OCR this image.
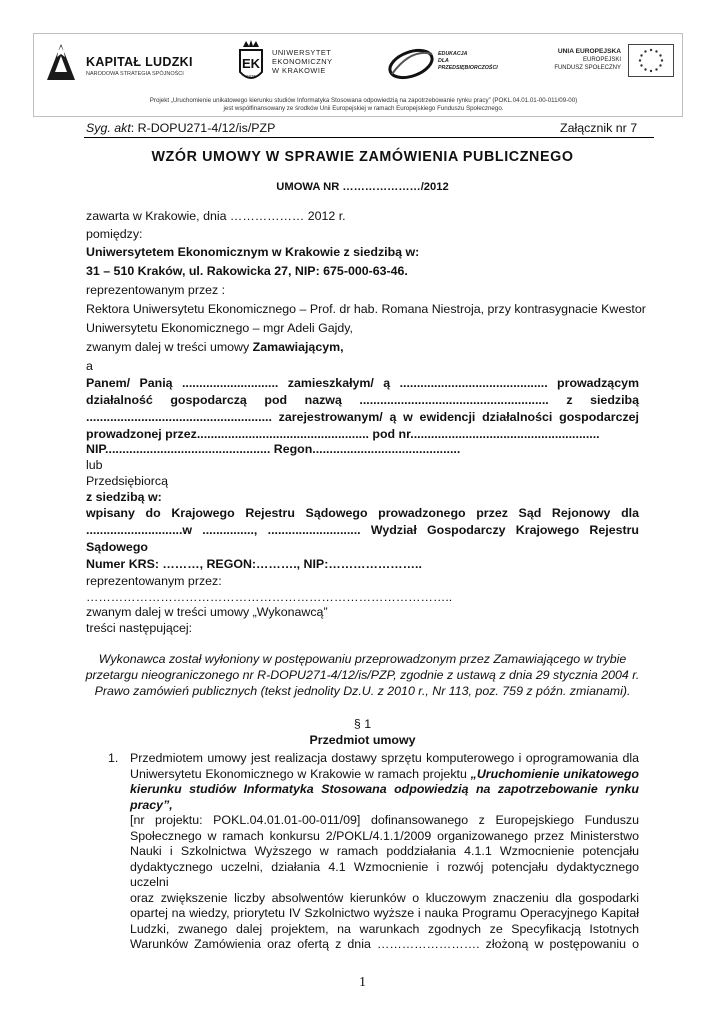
KAPITAŁ LUDZKI
NARODOWA STRATEGIA SPÓJNOŚCI
EK
1925
UNIWERSYTET
EKONOMICZNY
W KRAKOWIE
EDUKACJA
DLA
PRZEDSIĘBIORCZOŚCI
UNIA EUROPEJSKA
EUROPEJSKI
FUNDUSZ SPOŁECZNY
Projekt „Uruchomienie unikatowego kierunku studiów Informatyka Stosowana odpowiedzią na zapotrzebowanie rynku pracy” (POKL.04.01.01-00-011/09-00)
jest współfinansowany ze środków Unii Europejskiej w ramach Europejskiego Funduszu Społecznego.
Syg. akt: R-DOPU271-4/12/is/PZP	Załącznik nr 7
WZÓR UMOWY W SPRAWIE ZAMÓWIENIA PUBLICZNEGO
UMOWA NR …………………/2012
zawarta w Krakowie, dnia ……………… 2012 r.
pomiędzy:
Uniwersytetem Ekonomicznym w Krakowie z siedzibą w:
31 – 510 Kraków, ul. Rakowicka 27, NIP: 675-000-63-46.
reprezentowanym przez :
Rektora Uniwersytetu Ekonomicznego – Prof. dr hab. Romana Niestroja, przy kontrasygnacie Kwestor
Uniwersytetu Ekonomicznego – mgr Adeli Gajdy,
zwanym dalej w treści umowy Zamawiającym,
a
Panem/ Panią ............................ zamieszkałym/ ą ........................................... prowadzącym
działalność gospodarczą pod nazwą ....................................................... z siedzibą
...................................................... zarejestrowanym/ ą w ewidencji działalności gospodarczej
prowadzonej przez.................................................. pod nr.......................................................
NIP................................................ Regon...........................................
lub
Przedsiębiorcą
z siedzibą w:
wpisany do Krajowego Rejestru Sądowego prowadzonego przez Sąd Rejonowy dla
............................w ..............., ........................... Wydział Gospodarczy Krajowego Rejestru
Sądowego
Numer KRS: ………, REGON:………., NIP:…………………..
reprezentowanym przez:
……………………………………………………………………………..
zwanym dalej w treści umowy „Wykonawcą”
treści następującej:
Wykonawca został wyłoniony w postępowaniu przeprowadzonym przez Zamawiającego w trybie
przetargu nieograniczonego nr R-DOPU271-4/12/is/PZP, zgodnie z ustawą z dnia 29 stycznia 2004 r.
Prawo zamówień publicznych (tekst jednolity Dz.U. z 2010 r., Nr 113, poz. 759 z późn. zmianami).
§ 1
Przedmiot umowy
1. Przedmiotem umowy jest realizacja dostawy sprzętu komputerowego i oprogramowania dla
Uniwersytetu Ekonomicznego w Krakowie w ramach projektu „Uruchomienie unikatowego
kierunku studiów Informatyka Stosowana odpowiedzią na zapotrzebowanie rynku pracy”,
[nr projektu: POKL.04.01.01-00-011/09] dofinansowanego z Europejskiego Funduszu
Społecznego w ramach konkursu 2/POKL/4.1.1/2009 organizowanego przez Ministerstwo
Nauki i Szkolnictwa Wyższego w ramach poddziałania 4.1.1 Wzmocnienie potencjału
dydaktycznego uczelni, działania 4.1 Wzmocnienie i rozwój potencjału dydaktycznego uczelni
oraz zwiększenie liczby absolwentów kierunków o kluczowym znaczeniu dla gospodarki
opartej na wiedzy, priorytetu IV Szkolnictwo wyższe i nauka Programu Operacyjnego Kapitał
Ludzki, zwanego dalej projektem, na warunkach zgodnych ze Specyfikacją Istotnych
Warunków Zamówienia oraz ofertą z dnia ……………………. złożoną w postępowaniu o
1
